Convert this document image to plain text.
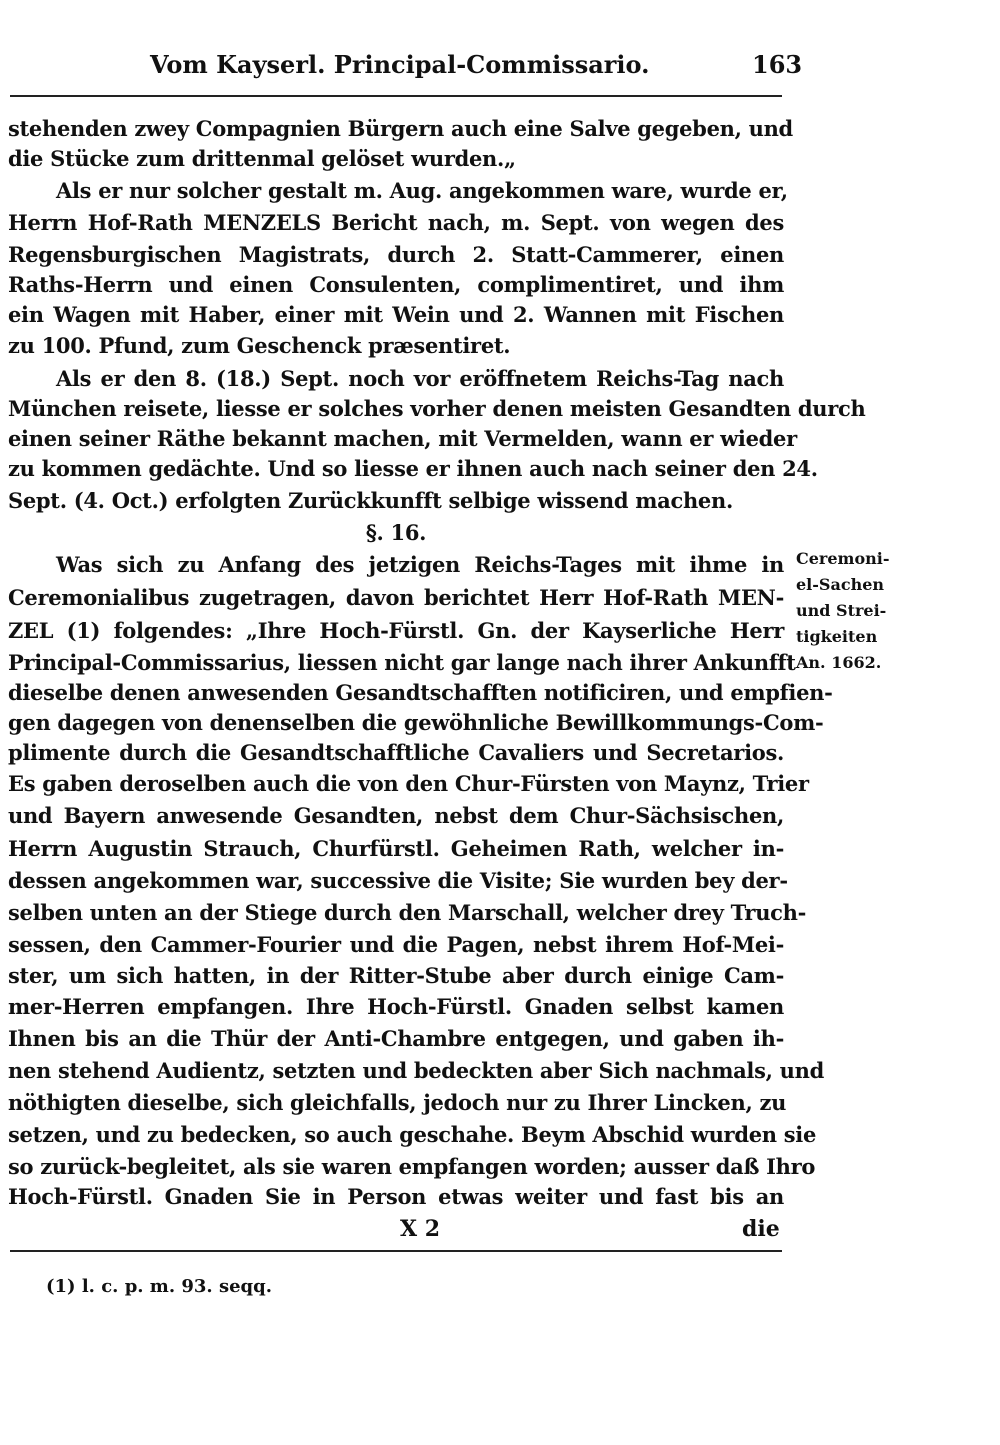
Vom Kayserl. Principal-Commissario.	163
stehenden zwey Compagnien Bürgern auch eine Salve gegeben, und
die Stücke zum drittenmal gelöset wurden.„
Als er nur solcher gestalt m. Aug. angekommen ware, wurde er,
Herrn Hof-Rath MENZELS Bericht nach, m. Sept. von wegen des
Regensburgischen Magistrats, durch 2. Statt-Cammerer, einen
Raths-Herrn und einen Consulenten, complimentiret, und ihm
ein Wagen mit Haber, einer mit Wein und 2. Wannen mit Fischen
zu 100. Pfund, zum Geschenck præsentiret.
Als er den 8. (18.) Sept. noch vor eröffnetem Reichs-Tag nach
München reisete, liesse er solches vorher denen meisten Gesandten durch
einen seiner Räthe bekannt machen, mit Vermelden, wann er wieder
zu kommen gedächte. Und so liesse er ihnen auch nach seiner den 24.
Sept. (4. Oct.) erfolgten Zurückkunfft selbige wissend machen.
§. 16.
Was sich zu Anfang des jetzigen Reichs-Tages mit ihme in
Ceremonialibus zugetragen, davon berichtet Herr Hof-Rath MEN-
ZEL (1) folgendes: „Ihre Hoch-Fürstl. Gn. der Kayserliche Herr
Principal-Commissarius, liessen nicht gar lange nach ihrer Ankunfft
dieselbe denen anwesenden Gesandtschafften notificiren, und empfien-
gen dagegen von denenselben die gewöhnliche Bewillkommungs-Com-
plimente durch die Gesandtschafftliche Cavaliers und Secretarios.
Es gaben deroselben auch die von den Chur-Fürsten von Maynz, Trier
und Bayern anwesende Gesandten, nebst dem Chur-Sächsischen,
Herrn Augustin Strauch, Churfürstl. Geheimen Rath, welcher in-
dessen angekommen war, successive die Visite; Sie wurden bey der-
selben unten an der Stiege durch den Marschall, welcher drey Truch-
sessen, den Cammer-Fourier und die Pagen, nebst ihrem Hof-Mei-
ster, um sich hatten, in der Ritter-Stube aber durch einige Cam-
mer-Herren empfangen. Ihre Hoch-Fürstl. Gnaden selbst kamen
Ihnen bis an die Thür der Anti-Chambre entgegen, und gaben ih-
nen stehend Audientz, setzten und bedeckten aber Sich nachmals, und
nöthigten dieselbe, sich gleichfalls, jedoch nur zu Ihrer Lincken, zu
setzen, und zu bedecken, so auch geschahe. Beym Abschid wurden sie
so zurück-begleitet, als sie waren empfangen worden; ausser daß Ihro
Hoch-Fürstl. Gnaden Sie in Person etwas weiter und fast bis an
Ceremoni-
el-Sachen
und Strei-
tigkeiten
An. 1662.
X 2	die
(1) l. c. p. m. 93. seqq.
